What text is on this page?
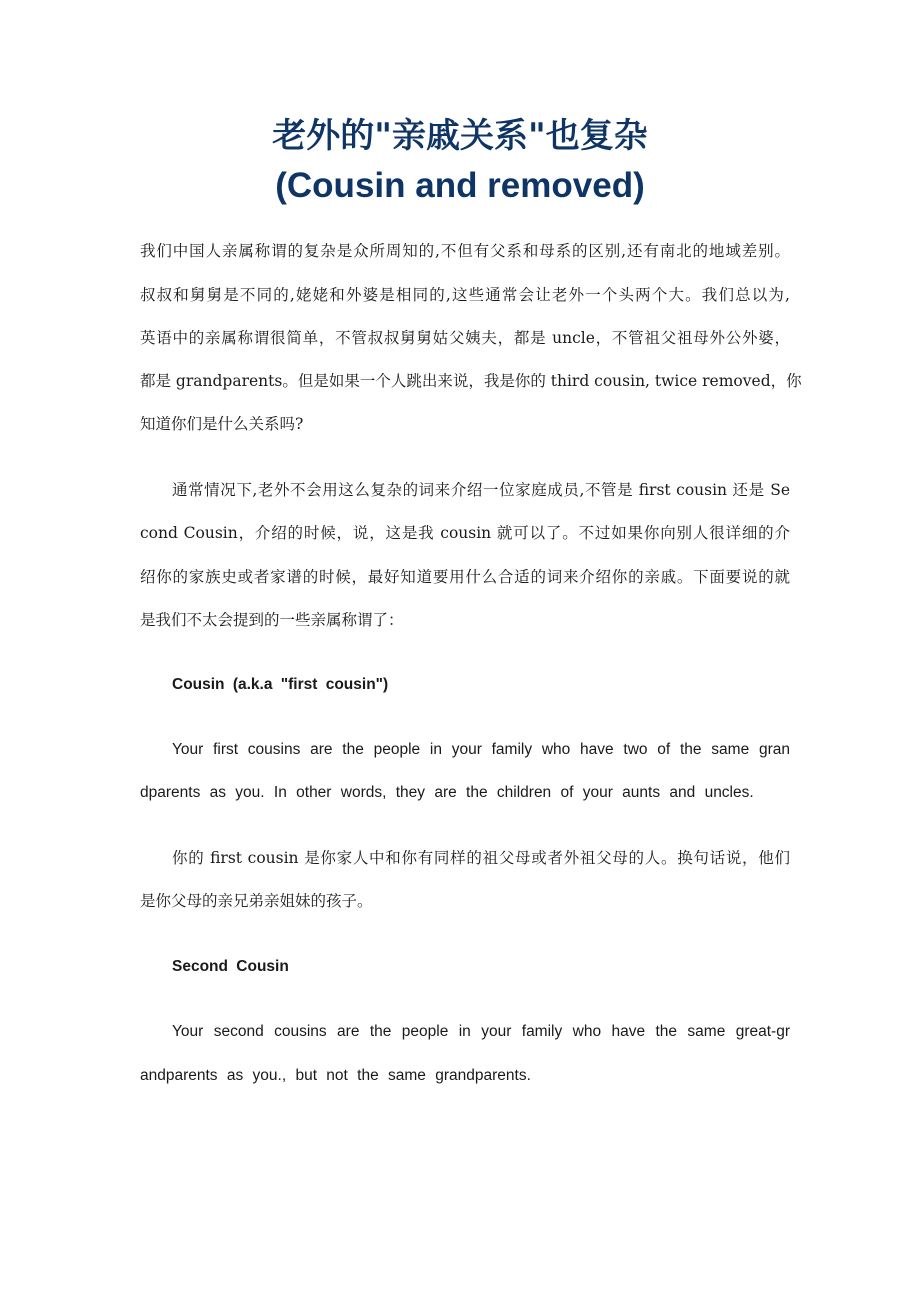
老外的"亲戚关系"也复杂
(Cousin and removed)

我们中国人亲属称谓的复杂是众所周知的,不但有父系和母系的区别,还有南北的地域差别。

叔叔和舅舅是不同的,姥姥和外婆是相同的,这些通常会让老外一个头两个大。我们总以为,

英语中的亲属称谓很简单，不管叔叔舅舅姑父姨夫，都是 uncle，不管祖父祖母外公外婆，

都是 grandparents。但是如果一个人跳出来说，我是你的 third cousin, twice removed，你

知道你们是什么关系吗?

通常情况下,老外不会用这么复杂的词来介绍一位家庭成员,不管是 first cousin 还是 Se

cond Cousin，介绍的时候，说，这是我 cousin 就可以了。不过如果你向别人很详细的介

绍你的家族史或者家谱的时候，最好知道要用什么合适的词来介绍你的亲戚。下面要说的就

是我们不太会提到的一些亲属称谓了：

Cousin (a.k.a "first cousin")

Your first cousins are the people in your family who have two of the same gran

dparents as you. In other words, they are the children of your aunts and uncles.

你的 first cousin 是你家人中和你有同样的祖父母或者外祖父母的人。换句话说，他们

是你父母的亲兄弟亲姐妹的孩子。

Second Cousin

Your second cousins are the people in your family who have the same great-gr

andparents as you., but not the same grandparents.
